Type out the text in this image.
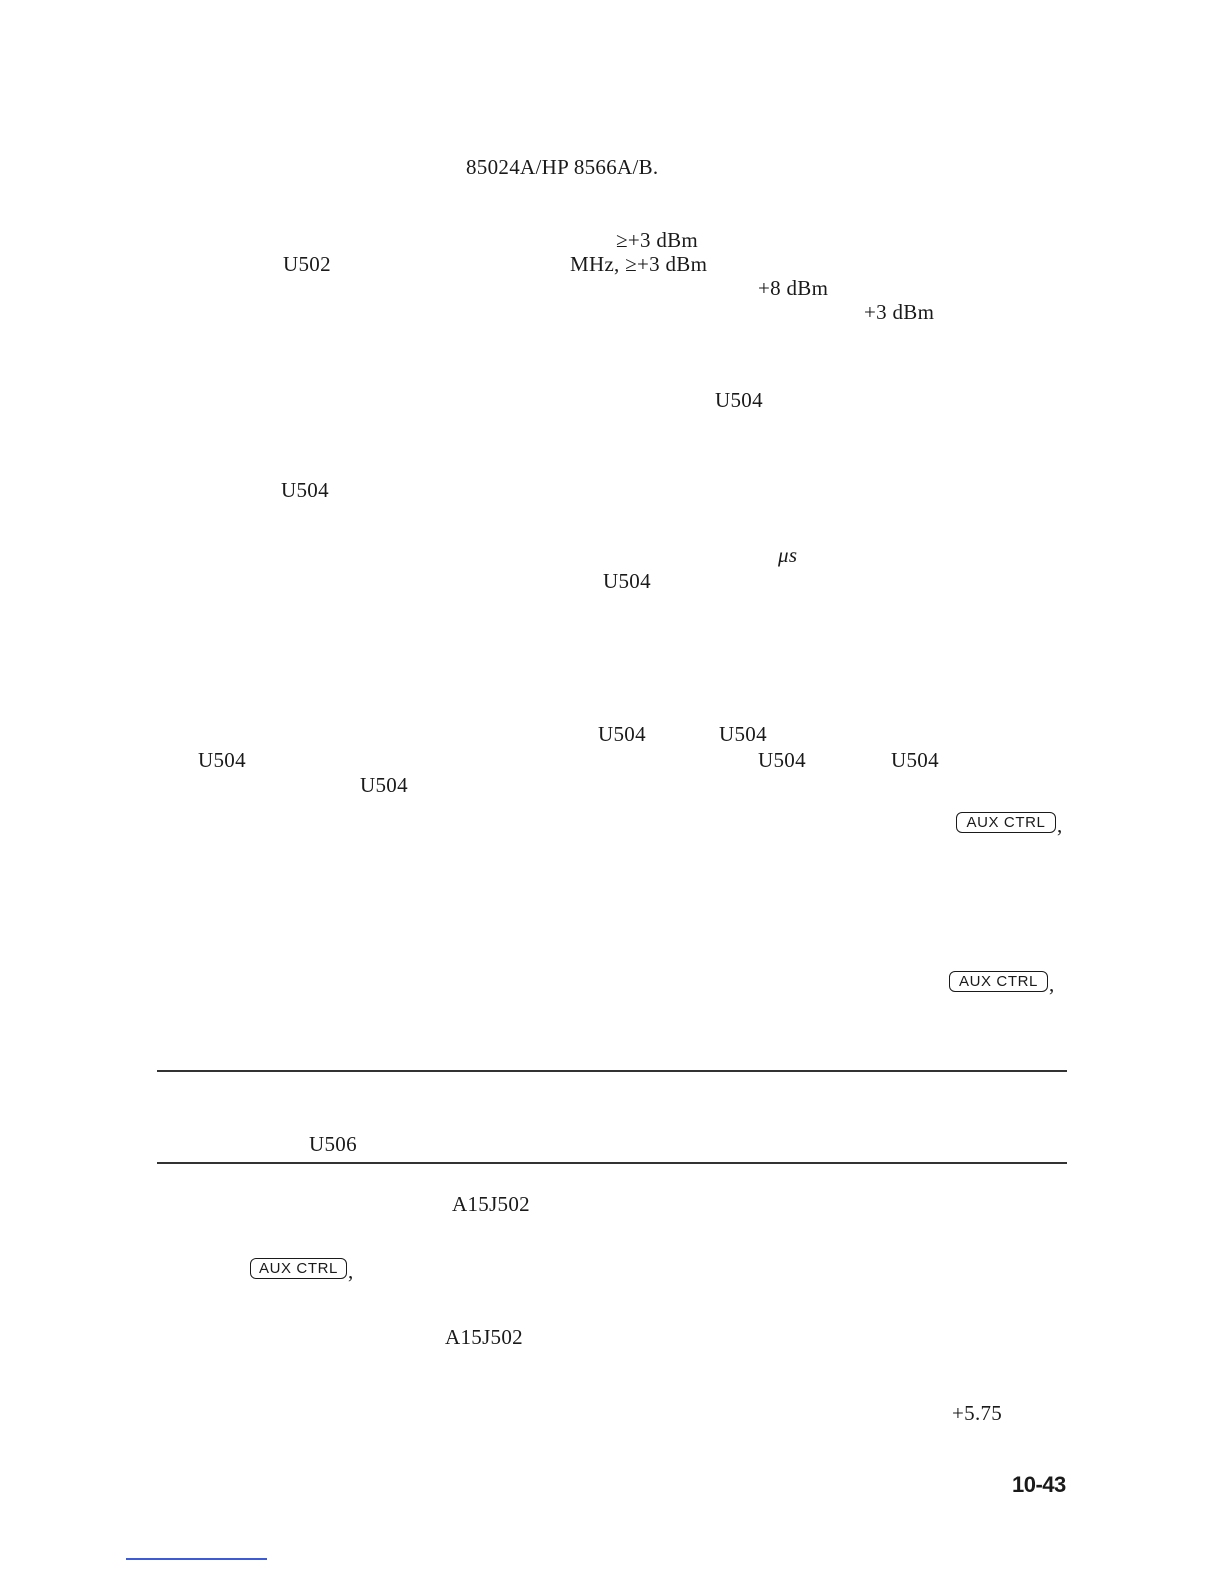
85024A/HP 8566A/B.
≥+3 dBm
U502	MHz, ≥+3 dBm
+8 dBm
+3 dBm
U504
U504
μs
U504
U504	U504
U504	U504	U504
U504
AUX CTRL ,
AUX CTRL ,
U506
A15J502
AUX CTRL ,
A15J502
+5.75
10-43
